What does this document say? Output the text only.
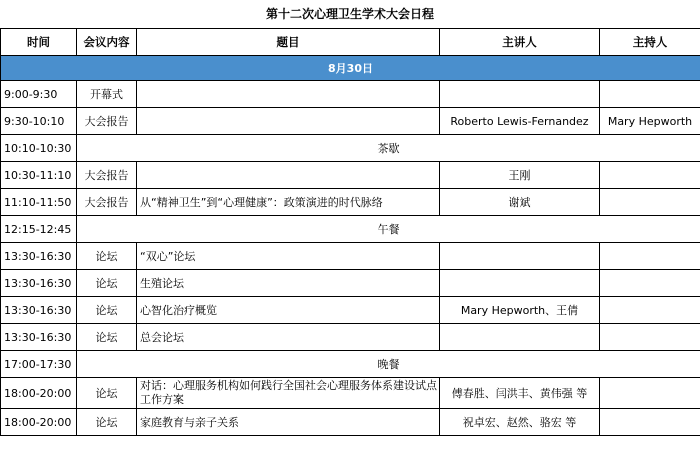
第十二次心理卫生学术大会日程
时间	会议内容	题目	主讲人	主持人
8月30日				
9:00-9:30	开幕式			
9:30-10:10	大会报告		Roberto Lewis-Fernandez	Mary Hepworth
10:10-10:30	茶歇			
10:30-11:10	大会报告		王刚	
11:10-11:50	大会报告	从“精神卫生”到“心理健康”：政策演进的时代脉络	谢斌	
12:15-12:45	午餐			
13:30-16:30	论坛	“双心”论坛		
13:30-16:30	论坛	生殖论坛		
13:30-16:30	论坛	心智化治疗概览	Mary Hepworth、王倩	
13:30-16:30	论坛	总会论坛		
17:00-17:30	晚餐			
18:00-20:00	论坛	对话：心理服务机构如何践行全国社会心理服务体系建设试点工作方案	傅春胜、闫洪丰、黄伟强 等	
18:00-20:00	论坛	家庭教育与亲子关系	祝卓宏、赵然、骆宏 等	
